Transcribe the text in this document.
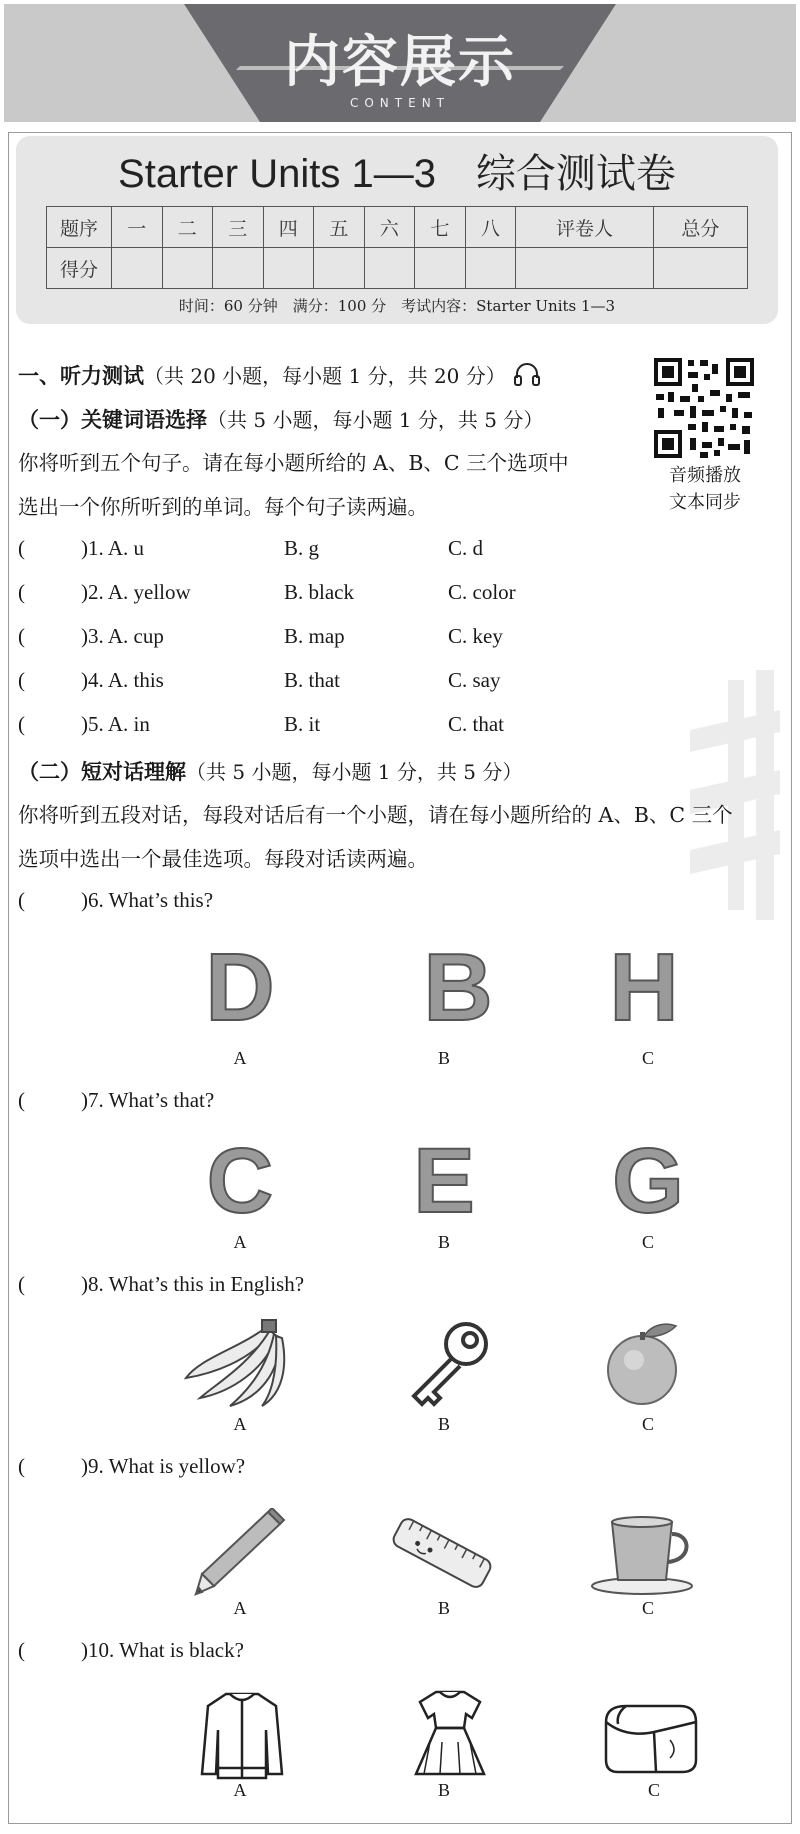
内容展示
CONTENT
Starter Units 1—3　综合测试卷
题序	一	二	三	四	五	六	七	八	评卷人	总分
得分										
时间：60 分钟　满分：100 分　考试内容：Starter Units 1—3
一、听力测试（共 20 小题，每小题 1 分，共 20 分）
音频播放
文本同步
（一）关键词语选择（共 5 小题，每小题 1 分，共 5 分）
你将听到五个句子。请在每小题所给的 A、B、C 三个选项中
选出一个你所听到的单词。每个句子读两遍。
(	)1. A. u	B. g	C. d
(	)2. A. yellow	B. black	C. color
(	)3. A. cup	B. map	C. key
(	)4. A. this	B. that	C. say
(	)5. A. in	B. it	C. that
（二）短对话理解（共 5 小题，每小题 1 分，共 5 分）
你将听到五段对话，每段对话后有一个小题，请在每小题所给的 A、B、C 三个
选项中选出一个最佳选项。每段对话读两遍。
(	)6. What’s this?
D B H
A	B	C
(	)7. What’s that?
C E G
A	B	C
(	)8. What’s this in English?
A	B	C
(	)9. What is yellow?
A	B	C
(	)10. What is black?
A	B	C
